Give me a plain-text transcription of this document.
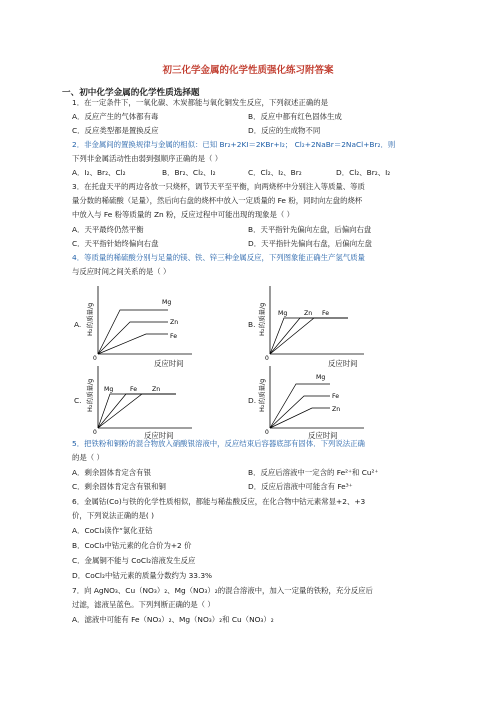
初三化学金属的化学性质强化练习附答案
一、初中化学金属的化学性质选择题
1．在一定条件下，一氧化碳、木炭都能与氧化铜发生反应，下列叙述正确的是
A．反应产生的气体都有毒	B．反应中都有红色固体生成
C．反应类型都是置换反应	D．反应的生成物不同
2．非金属间的置换规律与金属的相似：已知 Br₂+2KI＝2KBr+I₂； Cl₂+2NaBr＝2NaCl+Br₂．则
下列非金属活动性由弱到强顺序正确的是（ ）
A．I₂、Br₂、Cl₂	B．Br₂、Cl₂、I₂	C．Cl₂、I₂、Br₂	D．Cl₂、Br₂、I₂
3．在托盘天平的两边各放一只烧杯，调节天平至平衡，向两烧杯中分别注入等质量、等质
量分数的稀硫酸（足量），然后向右盘的烧杯中放入一定质量的 Fe 粉，同时向左盘的烧杯
中放入与 Fe 粉等质量的 Zn 粉，反应过程中可能出现的现象是（ ）
A．天平最终仍然平衡	B．天平指针先偏向左盘，后偏向右盘
C．天平指针始终偏向右盘	D．天平指针先偏向右盘，后偏向左盘
4．等质量的稀硫酸分别与足量的镁、铁、锌三种金属反应，下列图象能正确生产氢气质量
与反应时间之间关系的是（ ）
A. H₂的质量/g
0
Mg
Zn
Fe
反应时间
B. H₂的质量/g
0
Mg	Zn Fe
反应时间
C. H₂的质量/g
0
Mg	Fe Zn
反应时间
D. H₂的质量/g
0
Mg
Fe
Zn
反应时间
5．把铁粉和铜粉的混合物放入硝酸银溶液中，反应结束后容器底部有固体．下列说法正确
的是（ ）
A．剩余固体肯定含有银	B．反应后溶液中一定含的 Fe²⁺和 Cu²⁺
C．剩余固体肯定含有银和铜	D．反应后溶液中可能含有 Fe³⁺
6．金属钴(Co)与铁的化学性质相似，都能与稀盐酸反应，在化合物中钴元素常显+2、+3
价，下列说法正确的是( )
A．CoCl₃读作“氯化亚钴
B．CoCl₃中钴元素的化合价为+2 价
C．金属铜不能与 CoCl₂溶液发生反应
D．CoCl₂中钴元素的质量分数约为 33.3%
7．向 AgNO₃、Cu（NO₃）₂、Mg（NO₃）₂的混合溶液中，加入一定量的铁粉，充分反应后
过滤，滤液呈蓝色。下列判断正确的是（ ）
A．滤液中可能有 Fe（NO₃）₂、Mg（NO₃）₂和 Cu（NO₃）₂
